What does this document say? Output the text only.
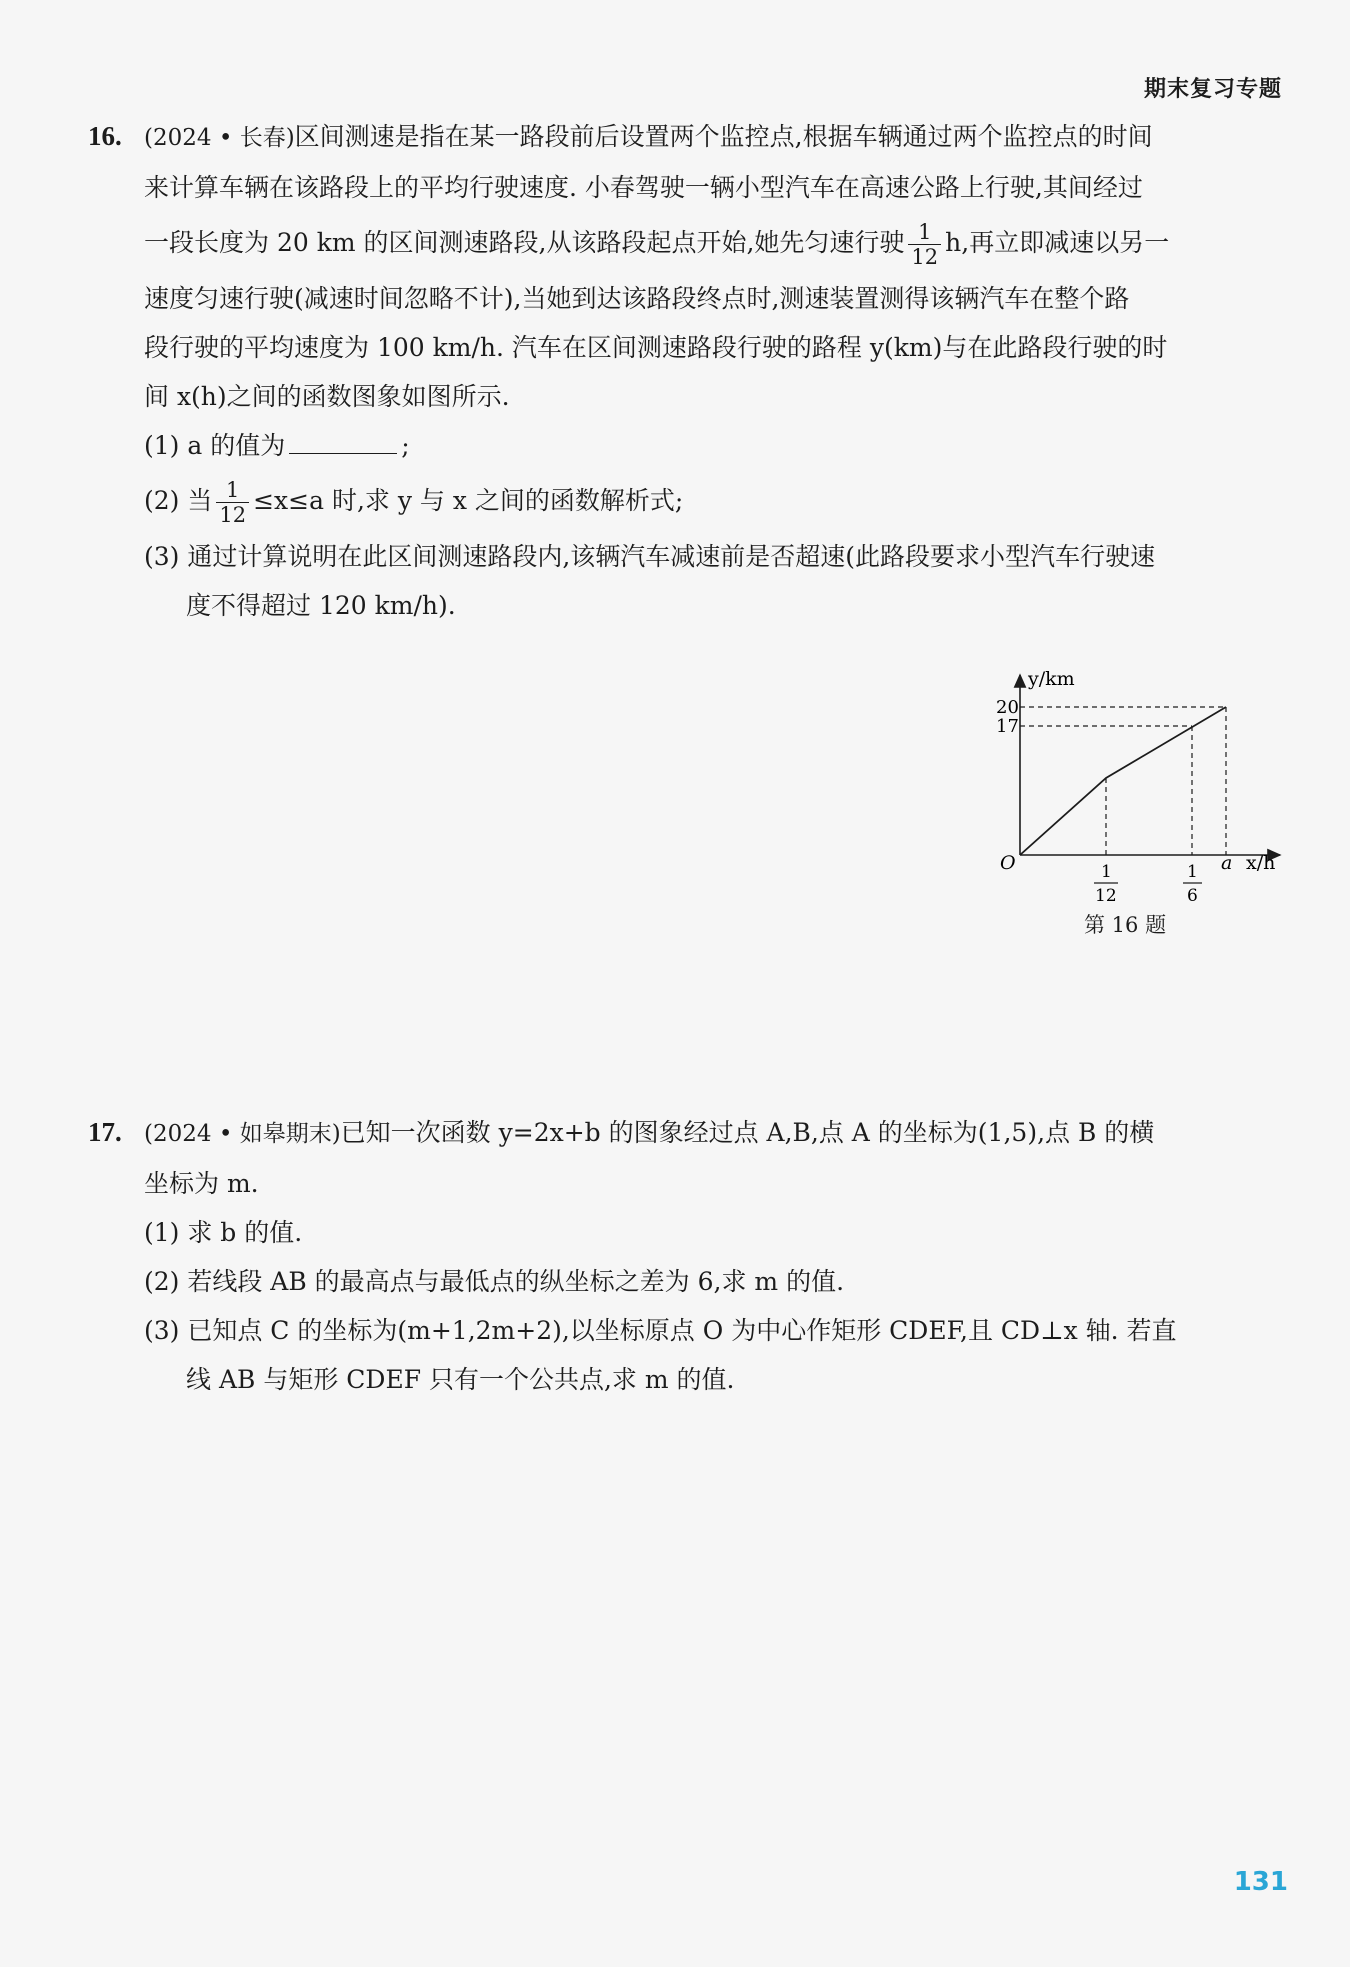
期末复习专题
16. (2024 • 长春)区间测速是指在某一路段前后设置两个监控点,根据车辆通过两个监控点的时间
来计算车辆在该路段上的平均行驶速度. 小春驾驶一辆小型汽车在高速公路上行驶,其间经过
一段长度为 20 km 的区间测速路段,从该路段起点开始,她先匀速行驶 $\frac{1}{12} h$,再立即减速以另一
速度匀速行驶(减速时间忽略不计),当她到达该路段终点时,测速装置测得该辆汽车在整个路
段行驶的平均速度为 100 km/h. 汽车在区间测速路段行驶的路程 y(km)与在此路段行驶的时
间 x(h)之间的函数图象如图所示.
(1) a 的值为	;
(2) 当 $\frac{1}{12} \le x\le a$ 时,求 y 与 x 之间的函数解析式;
(3) 通过计算说明在此区间测速路段内,该辆汽车减速前是否超速(此路段要求小型汽车行驶速
度不得超过 120 km/h).
y/km
x/h
O
20
17
1
12
1
6
a
第 16 题
17. (2024 • 如皋期末)已知一次函数 y=2x+b 的图象经过点 A,B,点 A 的坐标为(1,5),点 B 的横
坐标为 m.
(1) 求 b 的值.
(2) 若线段 AB 的最高点与最低点的纵坐标之差为 6,求 m 的值.
(3) 已知点 C 的坐标为(m+1,2m+2),以坐标原点 O 为中心作矩形 CDEF,且 CD⊥x 轴. 若直
线 AB 与矩形 CDEF 只有一个公共点,求 m 的值.
131
